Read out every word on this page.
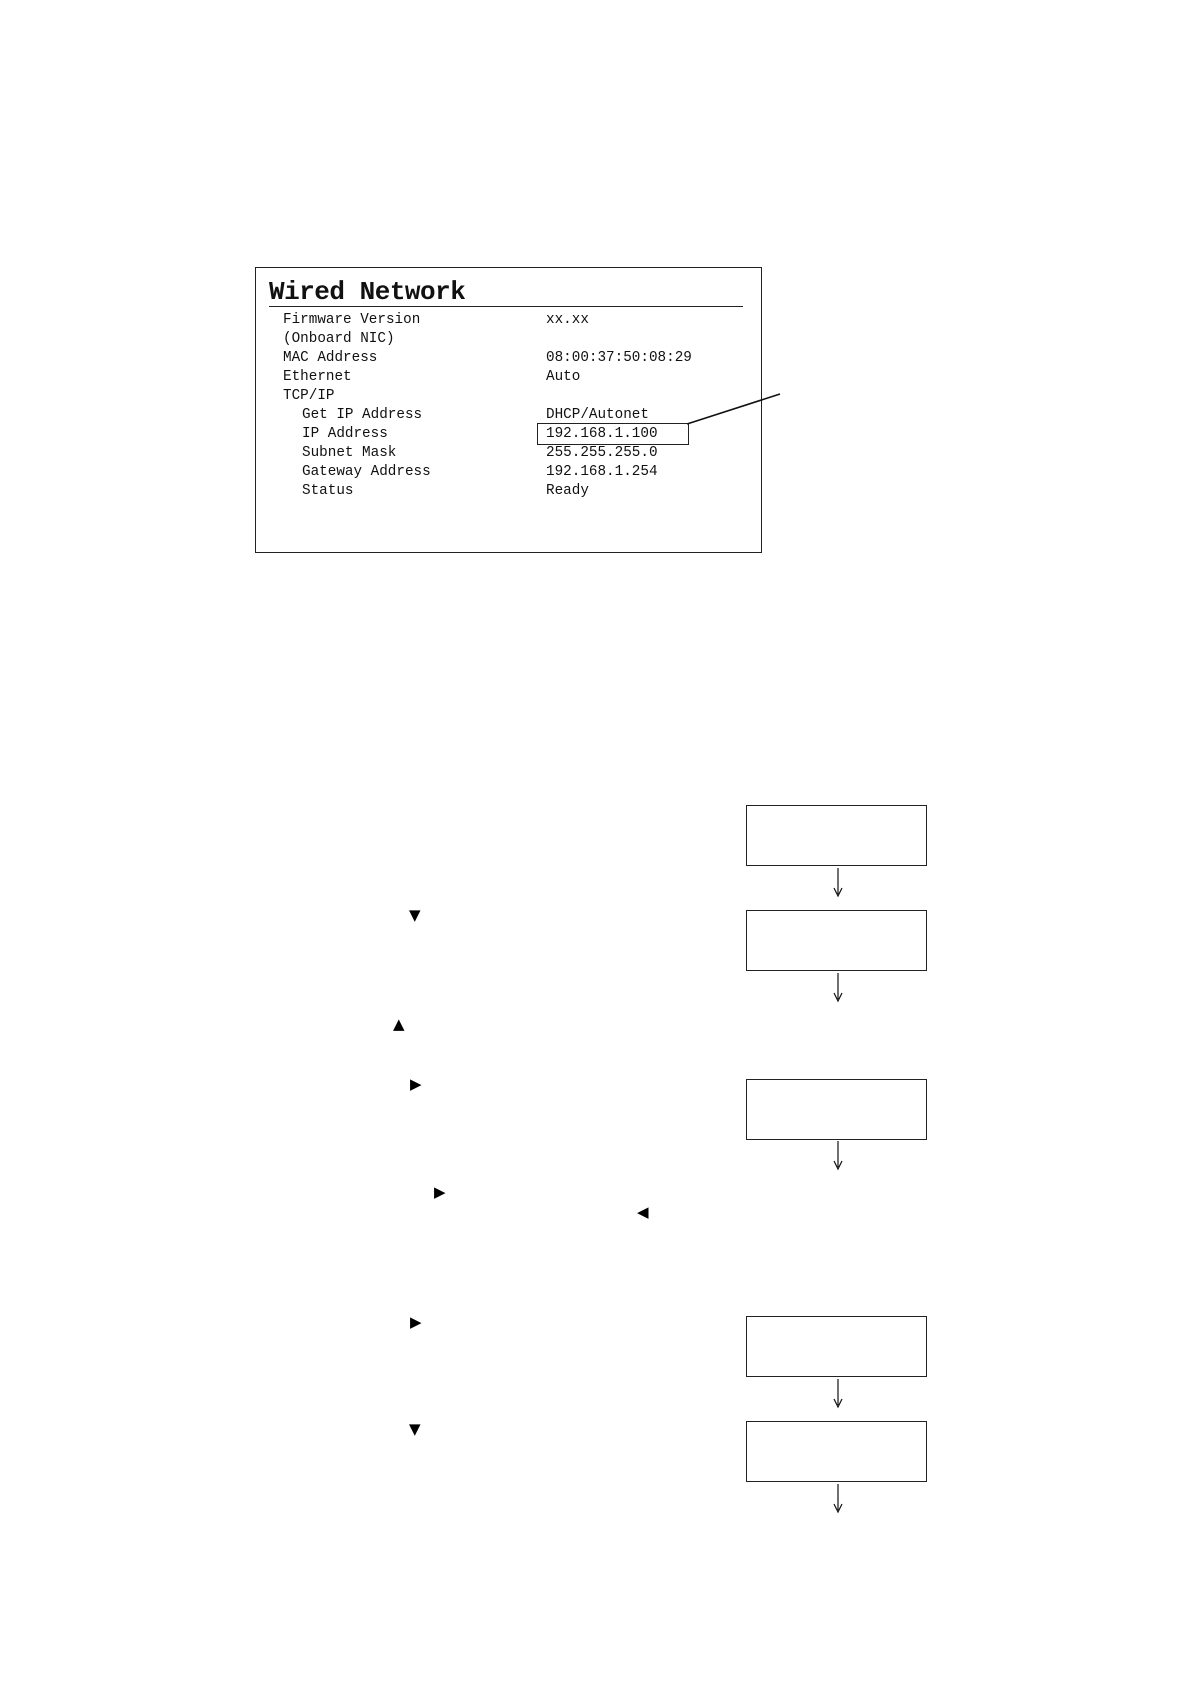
Wired Network
Firmware Version	xx.xx
(Onboard NIC)
MAC Address	08:00:37:50:08:29
Ethernet	Auto
TCP/IP
Get IP Address	DHCP/Autonet
IP Address	192.168.1.100
Subnet Mask	255.255.255.0
Gateway Address	192.168.1.254
Status	Ready
▼
▲
▶
▶
◀
▶
▼
